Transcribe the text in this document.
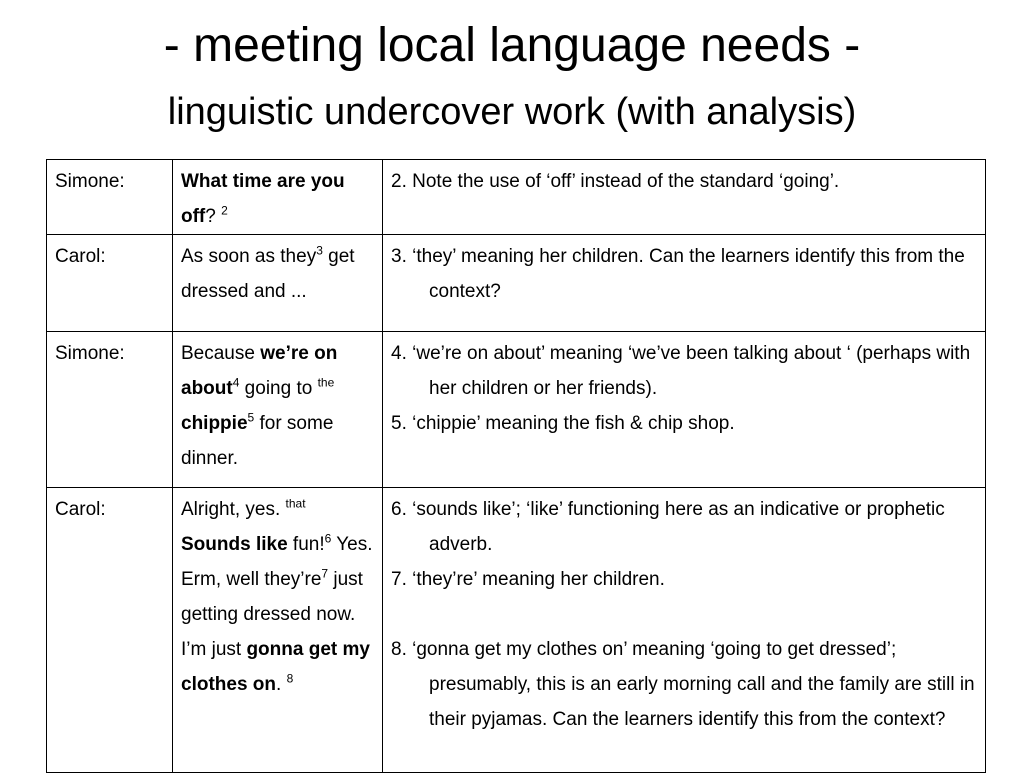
- meeting local language needs -
linguistic undercover work (with analysis)
Simone:	What time are you off? $^2$	2. Note the use of ‘off’ instead of the standard ‘going’.

Carol:	As soon as they$^3$ get dressed and ...	3. ‘they’ meaning her children. Can the learners identify this from the context?

Simone:	Because we’re on about$^4$ going to $^{the}$ chippie$^5$ for some dinner.	4. ‘we’re on about’ meaning ‘we’ve been talking about ‘ (perhaps with her children or her friends).
5. ‘chippie’ meaning the fish & chip shop.

Carol:	Alright, yes. $^{that}$ Sounds like fun!$^6$ Yes. Erm, well $they’re^7$ just getting dressed now. I’m just gonna get my clothes on. $^8$	6. ‘sounds like’; ‘like’ functioning here as an indicative or prophetic adverb.
7. ‘they’re’ meaning her children.
8. ‘gonna get my clothes on’ meaning ‘going to get dressed’; presumably, this is an early morning call and the family are still in their pyjamas. Can the learners identify this from the context?
